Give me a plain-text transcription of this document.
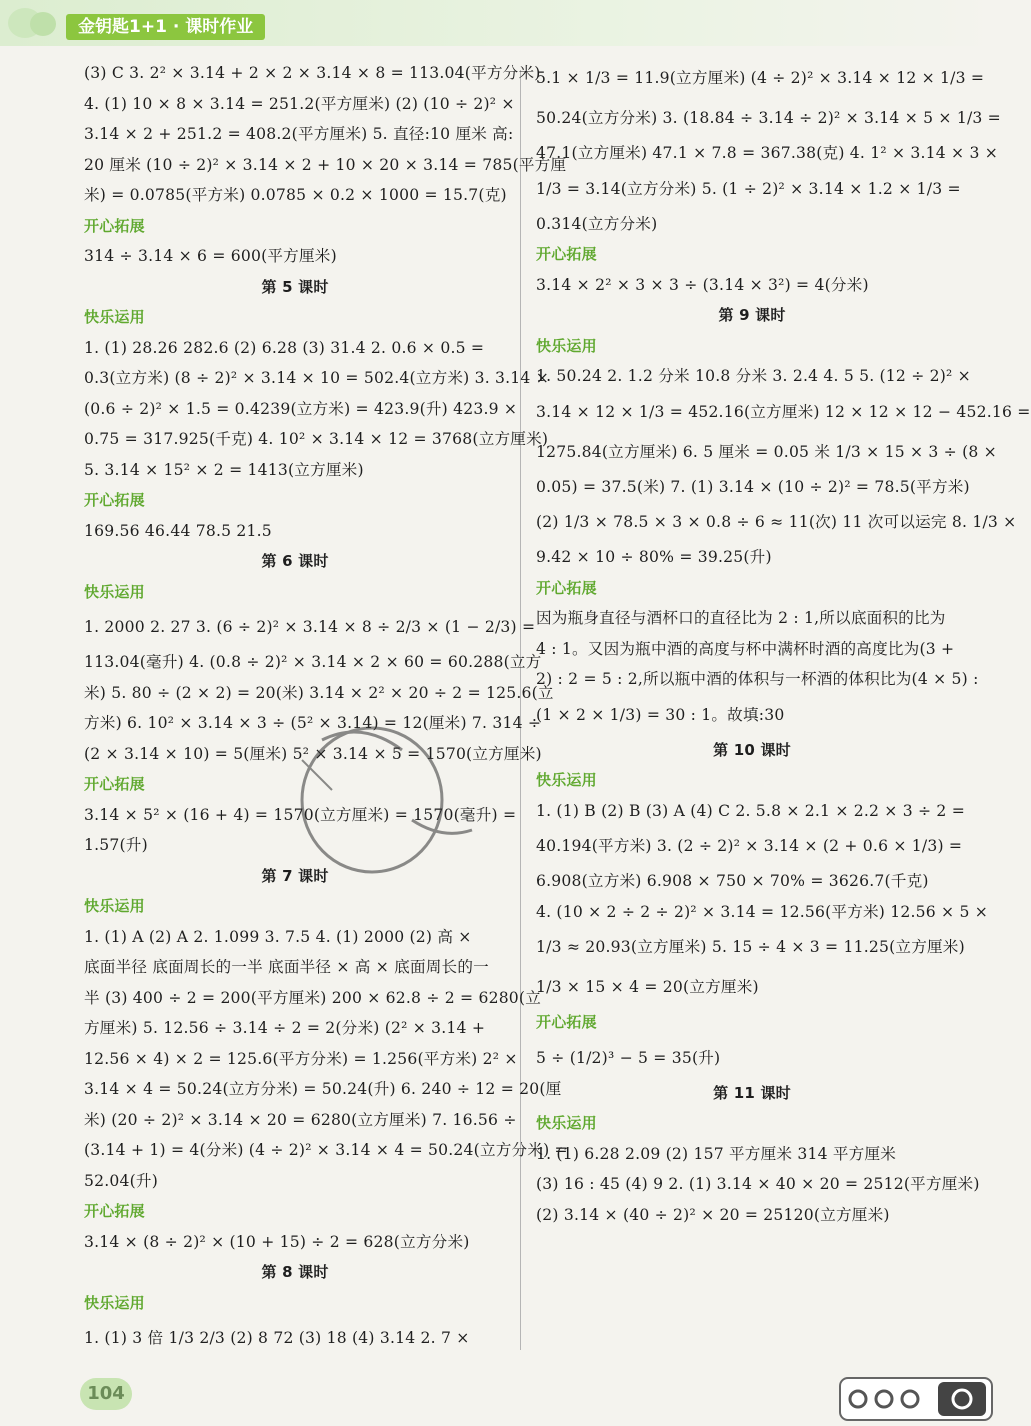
金钥匙1+1 · 课时作业
(3) C 3. 2² × 3.14 + 2 × 2 × 3.14 × 8 = 113.04(平方分米)
4. (1) 10 × 8 × 3.14 = 251.2(平方厘米) (2) (10 ÷ 2)² ×
3.14 × 2 + 251.2 = 408.2(平方厘米) 5. 直径:10 厘米 高:
20 厘米 (10 ÷ 2)² × 3.14 × 2 + 10 × 20 × 3.14 = 785(平方厘
米) = 0.0785(平方米) 0.0785 × 0.2 × 1000 = 15.7(克)
开心拓展
314 ÷ 3.14 × 6 = 600(平方厘米)
第 5 课时
快乐运用
1. (1) 28.26 282.6 (2) 6.28 (3) 31.4 2. 0.6 × 0.5 =
0.3(立方米) (8 ÷ 2)² × 3.14 × 10 = 502.4(立方米) 3. 3.14 ×
(0.6 ÷ 2)² × 1.5 = 0.4239(立方米) = 423.9(升) 423.9 ×
0.75 = 317.925(千克) 4. 10² × 3.14 × 12 = 3768(立方厘米)
5. 3.14 × 15² × 2 = 1413(立方厘米)
开心拓展
169.56 46.44 78.5 21.5
第 6 课时
快乐运用
1. 2000 2. 27 3. (6 ÷ 2)² × 3.14 × 8 ÷ 2/3 × (1 − 2/3) =
113.04(毫升) 4. (0.8 ÷ 2)² × 3.14 × 2 × 60 = 60.288(立方
米) 5. 80 ÷ (2 × 2) = 20(米) 3.14 × 2² × 20 ÷ 2 = 125.6(立
方米) 6. 10² × 3.14 × 3 ÷ (5² × 3.14) = 12(厘米) 7. 314 ÷
(2 × 3.14 × 10) = 5(厘米) 5² × 3.14 × 5 = 1570(立方厘米)
开心拓展
3.14 × 5² × (16 + 4) = 1570(立方厘米) = 1570(毫升) =
1.57(升)
第 7 课时
快乐运用
1. (1) A (2) A 2. 1.099 3. 7.5 4. (1) 2000 (2) 高 ×
底面半径 底面周长的一半 底面半径 × 高 × 底面周长的一
半 (3) 400 ÷ 2 = 200(平方厘米) 200 × 62.8 ÷ 2 = 6280(立
方厘米) 5. 12.56 ÷ 3.14 ÷ 2 = 2(分米) (2² × 3.14 +
12.56 × 4) × 2 = 125.6(平方分米) = 1.256(平方米) 2² ×
3.14 × 4 = 50.24(立方分米) = 50.24(升) 6. 240 ÷ 12 = 20(厘
米) (20 ÷ 2)² × 3.14 × 20 = 6280(立方厘米) 7. 16.56 ÷
(3.14 + 1) = 4(分米) (4 ÷ 2)² × 3.14 × 4 = 50.24(立方分米) =
52.04(升)
开心拓展
3.14 × (8 ÷ 2)² × (10 + 15) ÷ 2 = 628(立方分米)
第 8 课时
快乐运用
1. (1) 3 倍 1/3 2/3 (2) 8 72 (3) 18 (4) 3.14 2. 7 ×
5.1 × 1/3 = 11.9(立方厘米) (4 ÷ 2)² × 3.14 × 12 × 1/3 =
50.24(立方分米) 3. (18.84 ÷ 3.14 ÷ 2)² × 3.14 × 5 × 1/3 =
47.1(立方厘米) 47.1 × 7.8 = 367.38(克) 4. 1² × 3.14 × 3 ×
1/3 = 3.14(立方分米) 5. (1 ÷ 2)² × 3.14 × 1.2 × 1/3 =
0.314(立方分米)
开心拓展
3.14 × 2² × 3 × 3 ÷ (3.14 × 3²) = 4(分米)
第 9 课时
快乐运用
1. 50.24 2. 1.2 分米 10.8 分米 3. 2.4 4. 5 5. (12 ÷ 2)² ×
3.14 × 12 × 1/3 = 452.16(立方厘米) 12 × 12 × 12 − 452.16 =
1275.84(立方厘米) 6. 5 厘米 = 0.05 米 1/3 × 15 × 3 ÷ (8 ×
0.05) = 37.5(米) 7. (1) 3.14 × (10 ÷ 2)² = 78.5(平方米)
(2) 1/3 × 78.5 × 3 × 0.8 ÷ 6 ≈ 11(次) 11 次可以运完 8. 1/3 ×
9.42 × 10 ÷ 80% = 39.25(升)
开心拓展
因为瓶身直径与酒杯口的直径比为 2 : 1,所以底面积的比为
4 : 1。又因为瓶中酒的高度与杯中满杯时酒的高度比为(3 +
2) : 2 = 5 : 2,所以瓶中酒的体积与一杯酒的体积比为(4 × 5) :
(1 × 2 × 1/3) = 30 : 1。故填:30
第 10 课时
快乐运用
1. (1) B (2) B (3) A (4) C 2. 5.8 × 2.1 × 2.2 × 3 ÷ 2 =
40.194(平方米) 3. (2 ÷ 2)² × 3.14 × (2 + 0.6 × 1/3) =
6.908(立方米) 6.908 × 750 × 70% = 3626.7(千克)
4. (10 × 2 ÷ 2 ÷ 2)² × 3.14 = 12.56(平方米) 12.56 × 5 ×
1/3 ≈ 20.93(立方厘米) 5. 15 ÷ 4 × 3 = 11.25(立方厘米)
1/3 × 15 × 4 = 20(立方厘米)
开心拓展
5 ÷ (1/2)³ − 5 = 35(升)
第 11 课时
快乐运用
1. (1) 6.28 2.09 (2) 157 平方厘米 314 平方厘米
(3) 16 : 45 (4) 9 2. (1) 3.14 × 40 × 20 = 2512(平方厘米)
(2) 3.14 × (40 ÷ 2)² × 20 = 25120(立方厘米)
104
